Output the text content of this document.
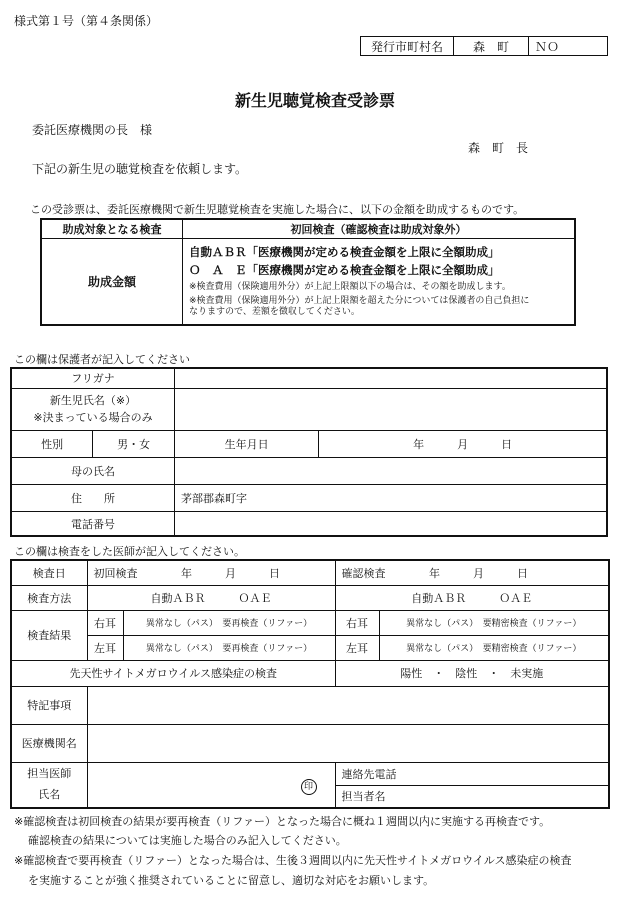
様式第１号（第４条関係）
発行市町村名	森　町	ＮＯ
新生児聴覚検査受診票
委託医療機関の長　様
森　町　長
下記の新生児の聴覚検査を依頼します。
この受診票は、委託医療機関で新生児聴覚検査を実施した場合に、以下の金額を助成するものです。
助成対象となる検査	初回検査（確認検査は助成対象外）
助成金額	自動ＡＢＲ「医療機関が定める検査金額を上限に全額助成」
Ｏ　Ａ　Ｅ「医療機関が定める検査金額を上限に全額助成」
※検査費用（保険適用外分）が上記上限額以下の場合は、その額を助成します。
※検査費用（保険適用外分）が上記上限額を超えた分については保護者の自己負担に
なりますので、差額を徴収してください。
この欄は保護者が記入してください
フリガナ			

新生児氏名（※）
※決まっている場合のみ			

性別	男・女	生年月日	年　　　月　　　日
母の氏名			
住　　所		茅部郡森町字	
電話番号			
この欄は検査をした医師が記入してください。
検査日	初回検査 年　　　月　　　日		確認検査 年　　　月　　　日	
検査方法	自動ＡＢＲ　　　ＯＡＥ		自動ＡＢＲ　　　ＯＡＥ	
検査結果	右耳	異常なし（パス）　要再検査（リファー）	右耳	異常なし（パス）　要精密検査（リファー）
	左耳	異常なし（パス）　要再検査（リファー）	左耳	異常なし（パス）　要精密検査（リファー）
先天性サイトメガロウイルス感染症の検査			陽性　・　陰性　・　未実施	
特記事項				
医療機関名				

担当医師
氏名	印		連絡先電話	
			担当者名	
※確認検査は初回検査の結果が要再検査（リファー）となった場合に概ね１週間以内に実施する再検査です。
確認検査の結果については実施した場合のみ記入してください。
※確認検査で要再検査（リファー）となった場合は、生後３週間以内に先天性サイトメガロウイルス感染症の検査
を実施することが強く推奨されていることに留意し、適切な対応をお願いします。
